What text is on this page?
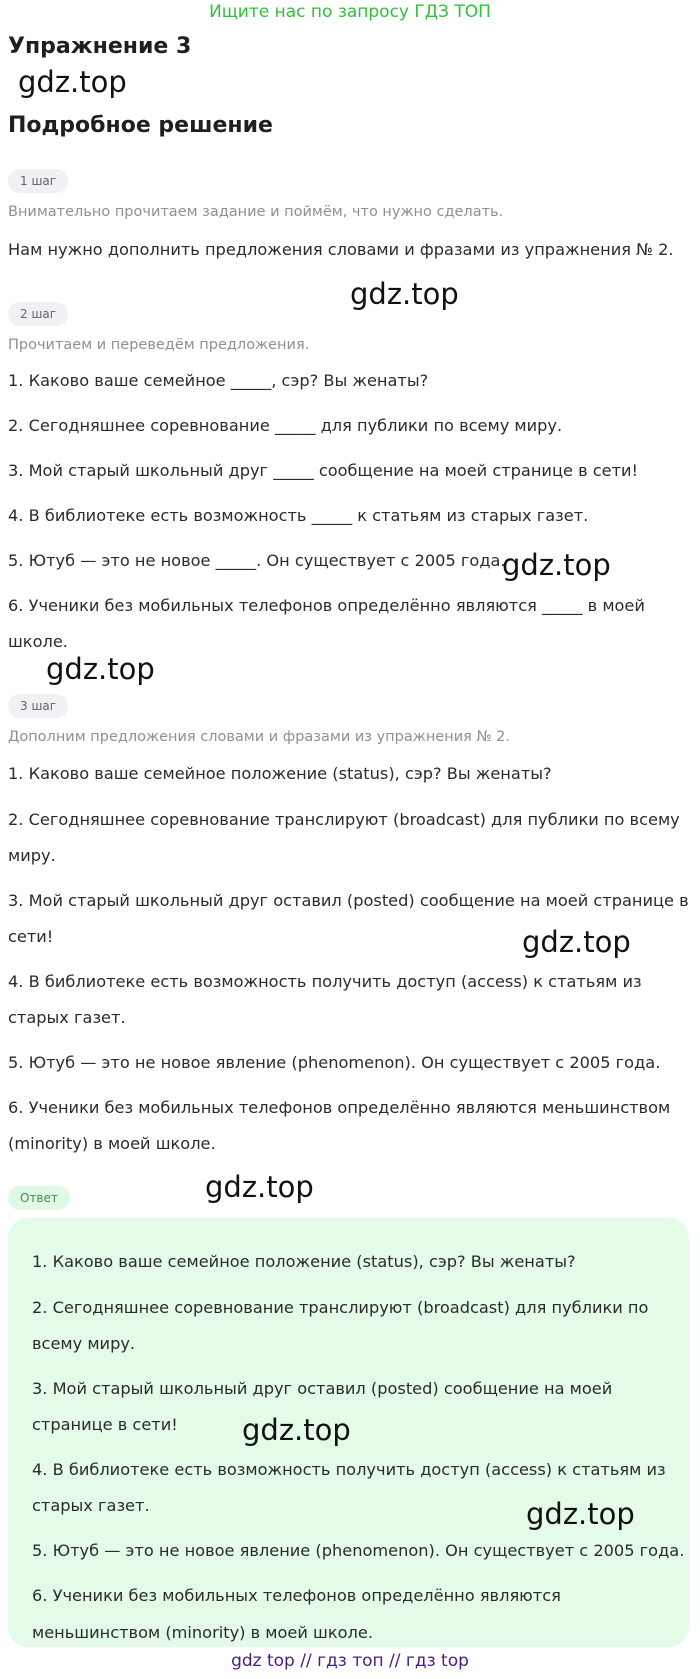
Ищите нас по запросу ГДЗ ТОП
Упражнение 3
gdz.top
Подробное решение
1 шаг
Внимательно прочитаем задание и поймём, что нужно сделать.
Нам нужно дополнить предложения словами и фразами из упражнения № 2.
gdz.top
2 шаг
Прочитаем и переведём предложения.
1. Каково ваше семейное _____, сэр? Вы женаты?
2. Сегодняшнее соревнование _____ для публики по всему миру.
3. Мой старый школьный друг _____ сообщение на моей странице в сети!
4. В библиотеке есть возможность _____ к статьям из старых газет.
5. Ютуб — это не новое _____. Он существует с 2005 года.
gdz.top
6. Ученики без мобильных телефонов определённо являются _____ в моей
школе.
gdz.top
3 шаг
Дополним предложения словами и фразами из упражнения № 2.
1. Каково ваше семейное положение (status), сэр? Вы женаты?
2. Сегодняшнее соревнование транслируют (broadcast) для публики по всему
миру.
3. Мой старый школьный друг оставил (posted) сообщение на моей странице в
сети!	gdz.top
4. В библиотеке есть возможность получить доступ (access) к статьям из
старых газет.
5. Ютуб — это не новое явление (phenomenon). Он существует с 2005 года.
6. Ученики без мобильных телефонов определённо являются меньшинством
(minority) в моей школе.
Ответ	gdz.top
1. Каково ваше семейное положение (status), сэр? Вы женаты?
2. Сегодняшнее соревнование транслируют (broadcast) для публики по
всему миру.
3. Мой старый школьный друг оставил (posted) сообщение на моей
странице в сети! gdz.top
4. В библиотеке есть возможность получить доступ (access) к статьям из
старых газет.	gdz.top
5. Ютуб — это не новое явление (phenomenon). Он существует с 2005 года.
6. Ученики без мобильных телефонов определённо являются
меньшинством (minority) в моей школе.
gdz top // гдз топ // гдз top
